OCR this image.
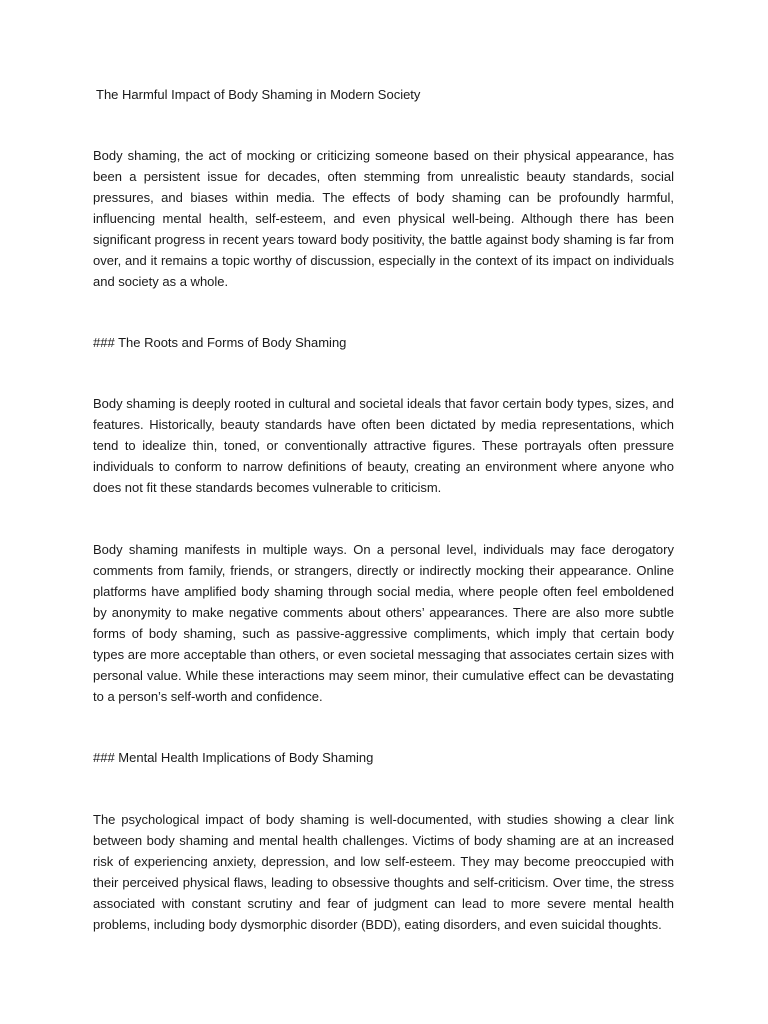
The Harmful Impact of Body Shaming in Modern Society

Body shaming, the act of mocking or criticizing someone based on their physical appearance, has been a persistent issue for decades, often stemming from unrealistic beauty standards, social pressures, and biases within media. The effects of body shaming can be profoundly harmful, influencing mental health, self-esteem, and even physical well-being. Although there has been significant progress in recent years toward body positivity, the battle against body shaming is far from over, and it remains a topic worthy of discussion, especially in the context of its impact on individuals and society as a whole.

### The Roots and Forms of Body Shaming

Body shaming is deeply rooted in cultural and societal ideals that favor certain body types, sizes, and features. Historically, beauty standards have often been dictated by media representations, which tend to idealize thin, toned, or conventionally attractive figures. These portrayals often pressure individuals to conform to narrow definitions of beauty, creating an environment where anyone who does not fit these standards becomes vulnerable to criticism.

Body shaming manifests in multiple ways. On a personal level, individuals may face derogatory comments from family, friends, or strangers, directly or indirectly mocking their appearance. Online platforms have amplified body shaming through social media, where people often feel emboldened by anonymity to make negative comments about others’ appearances. There are also more subtle forms of body shaming, such as passive-aggressive compliments, which imply that certain body types are more acceptable than others, or even societal messaging that associates certain sizes with personal value. While these interactions may seem minor, their cumulative effect can be devastating to a person’s self-worth and confidence.

### Mental Health Implications of Body Shaming

The psychological impact of body shaming is well-documented, with studies showing a clear link between body shaming and mental health challenges. Victims of body shaming are at an increased risk of experiencing anxiety, depression, and low self-esteem. They may become preoccupied with their perceived physical flaws, leading to obsessive thoughts and self-criticism. Over time, the stress associated with constant scrutiny and fear of judgment can lead to more severe mental health problems, including body dysmorphic disorder (BDD), eating disorders, and even suicidal thoughts.
